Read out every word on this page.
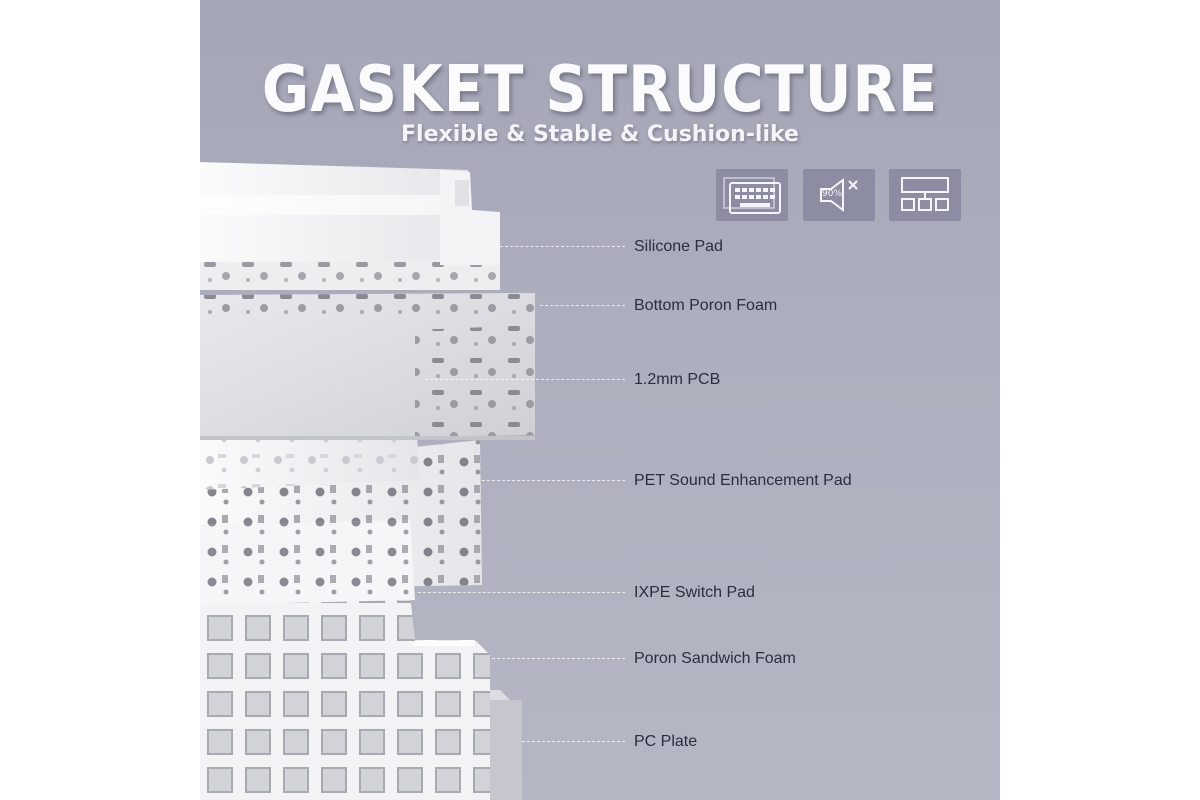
GASKET STRUCTURE
Flexible & Stable & Cushion-like
90%
Silicone Pad
Bottom Poron Foam
1.2mm PCB
PET Sound Enhancement Pad
IXPE Switch Pad
Poron Sandwich Foam
PC Plate
